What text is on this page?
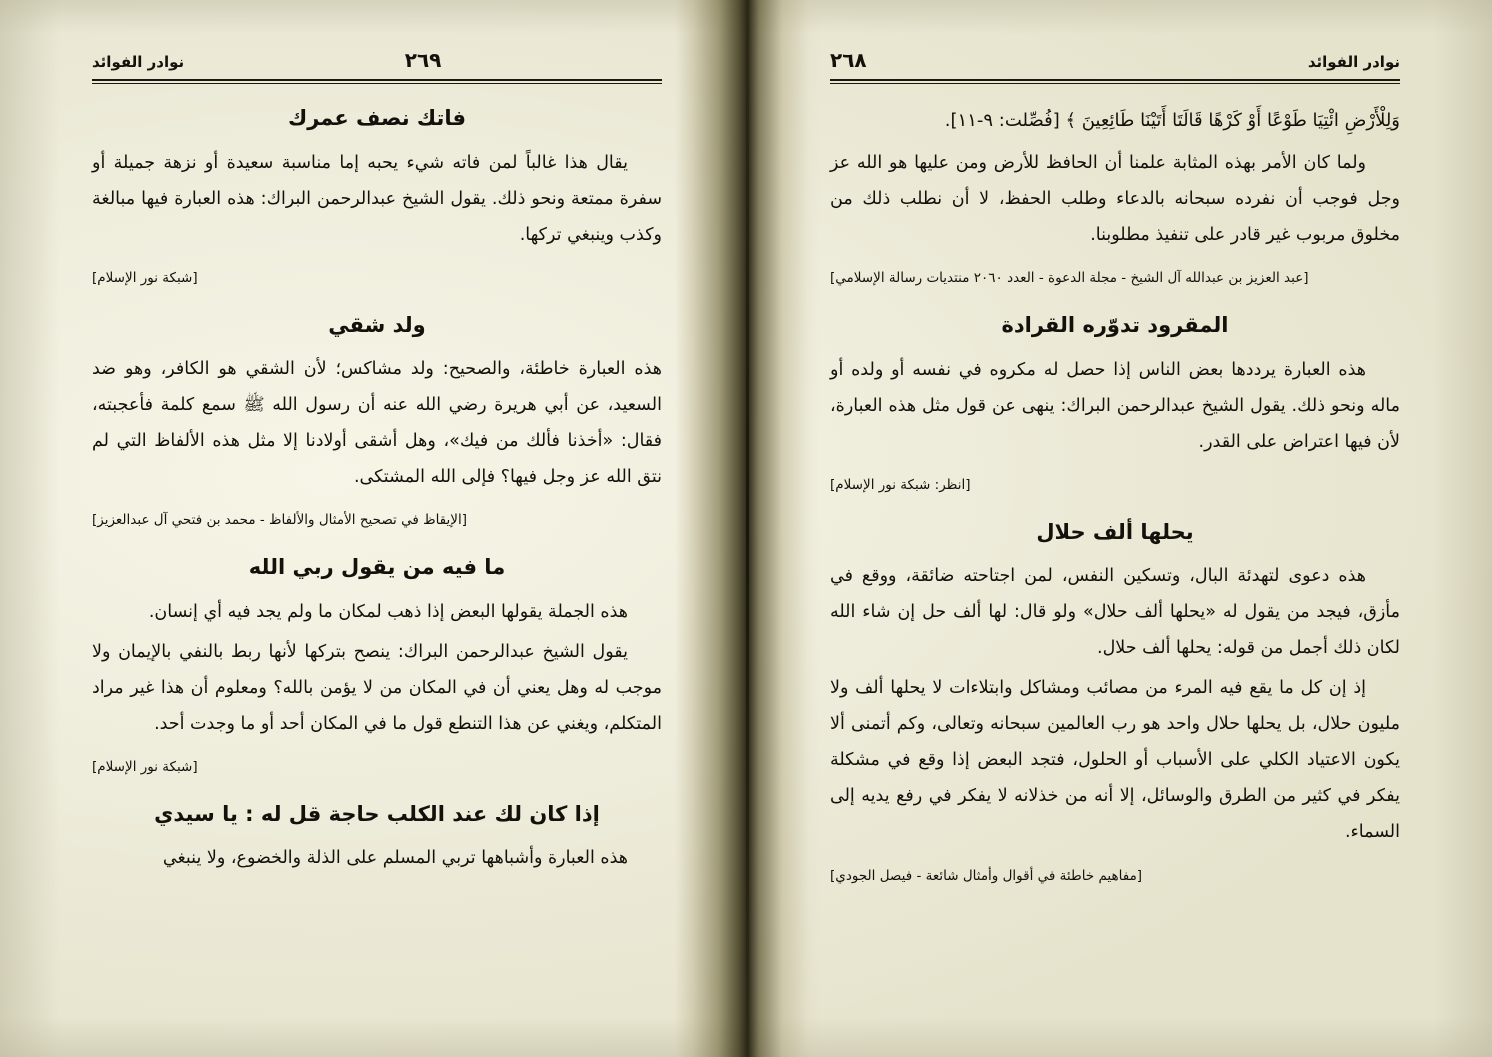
نوادر الفوائد
٢٦٨

وَلِلْأَرْضِ ائْتِيَا طَوْعًا أَوْ كَرْهًا قَالَتَا أَتَيْنَا طَائِعِينَ ﴾ [فُصِّلت: ٩-١١].

ولما كان الأمر بهذه المثابة علمنا أن الحافظ للأرض ومن عليها هو الله عز وجل فوجب أن نفرده سبحانه بالدعاء وطلب الحفظ، لا أن نطلب ذلك من مخلوق مربوب غير قادر على تنفيذ مطلوبنا.

[عبد العزيز بن عبدالله آل الشيخ - مجلة الدعوة - العدد ٢٠٦٠ منتديات رسالة الإسلامي]

المقرود تدوّره القرادة

هذه العبارة يرددها بعض الناس إذا حصل له مكروه في نفسه أو ولده أو ماله ونحو ذلك. يقول الشيخ عبدالرحمن البراك: ينهى عن قول مثل هذه العبارة، لأن فيها اعتراض على القدر.

[انظر: شبكة نور الإسلام]

يحلها ألف حلال

هذه دعوى لتهدئة البال، وتسكين النفس، لمن اجتاحته ضائقة، ووقع في مأزق، فيجد من يقول له «يحلها ألف حلال» ولو قال: لها ألف حل إن شاء الله لكان ذلك أجمل من قوله: يحلها ألف حلال.

إذ إن كل ما يقع فيه المرء من مصائب ومشاكل وابتلاءات لا يحلها ألف ولا مليون حلال، بل يحلها حلال واحد هو رب العالمين سبحانه وتعالى، وكم أتمنى ألا يكون الاعتياد الكلي على الأسباب أو الحلول، فتجد البعض إذا وقع في مشكلة يفكر في كثير من الطرق والوسائل، إلا أنه من خذلانه لا يفكر في رفع يديه إلى السماء.

[مفاهيم خاطئة في أقوال وأمثال شائعة - فيصل الجودي]

٢٦٩
نوادر الفوائد
فاتك نصف عمرك

يقال هذا غالباً لمن فاته شيء يحبه إما مناسبة سعيدة أو نزهة جميلة أو سفرة ممتعة ونحو ذلك. يقول الشيخ عبدالرحمن البراك: هذه العبارة فيها مبالغة وكذب وينبغي تركها.

[شبكة نور الإسلام]

ولد شقي

هذه العبارة خاطئة، والصحيح: ولد مشاكس؛ لأن الشقي هو الكافر، وهو ضد السعيد، عن أبي هريرة رضي الله عنه أن رسول الله ﷺ سمع كلمة فأعجبته، فقال: «أخذنا فألك من فيك»، وهل أشقى أولادنا إلا مثل هذه الألفاظ التي لم نتق الله عز وجل فيها؟ فإلى الله المشتكى.

[الإيقاظ في تصحيح الأمثال والألفاظ - محمد بن فتحي آل عبدالعزيز]

ما فيه من يقول ربي الله

هذه الجملة يقولها البعض إذا ذهب لمكان ما ولم يجد فيه أي إنسان.

يقول الشيخ عبدالرحمن البراك: ينصح بتركها لأنها ربط بالنفي بالإيمان ولا موجب له وهل يعني أن في المكان من لا يؤمن بالله؟ ومعلوم أن هذا غير مراد المتكلم، ويغني عن هذا التنطع قول ما في المكان أحد أو ما وجدت أحد.

[شبكة نور الإسلام]

إذا كان لك عند الكلب حاجة قل له : يا سيدي

هذه العبارة وأشباهها تربي المسلم على الذلة والخضوع، ولا ينبغي
